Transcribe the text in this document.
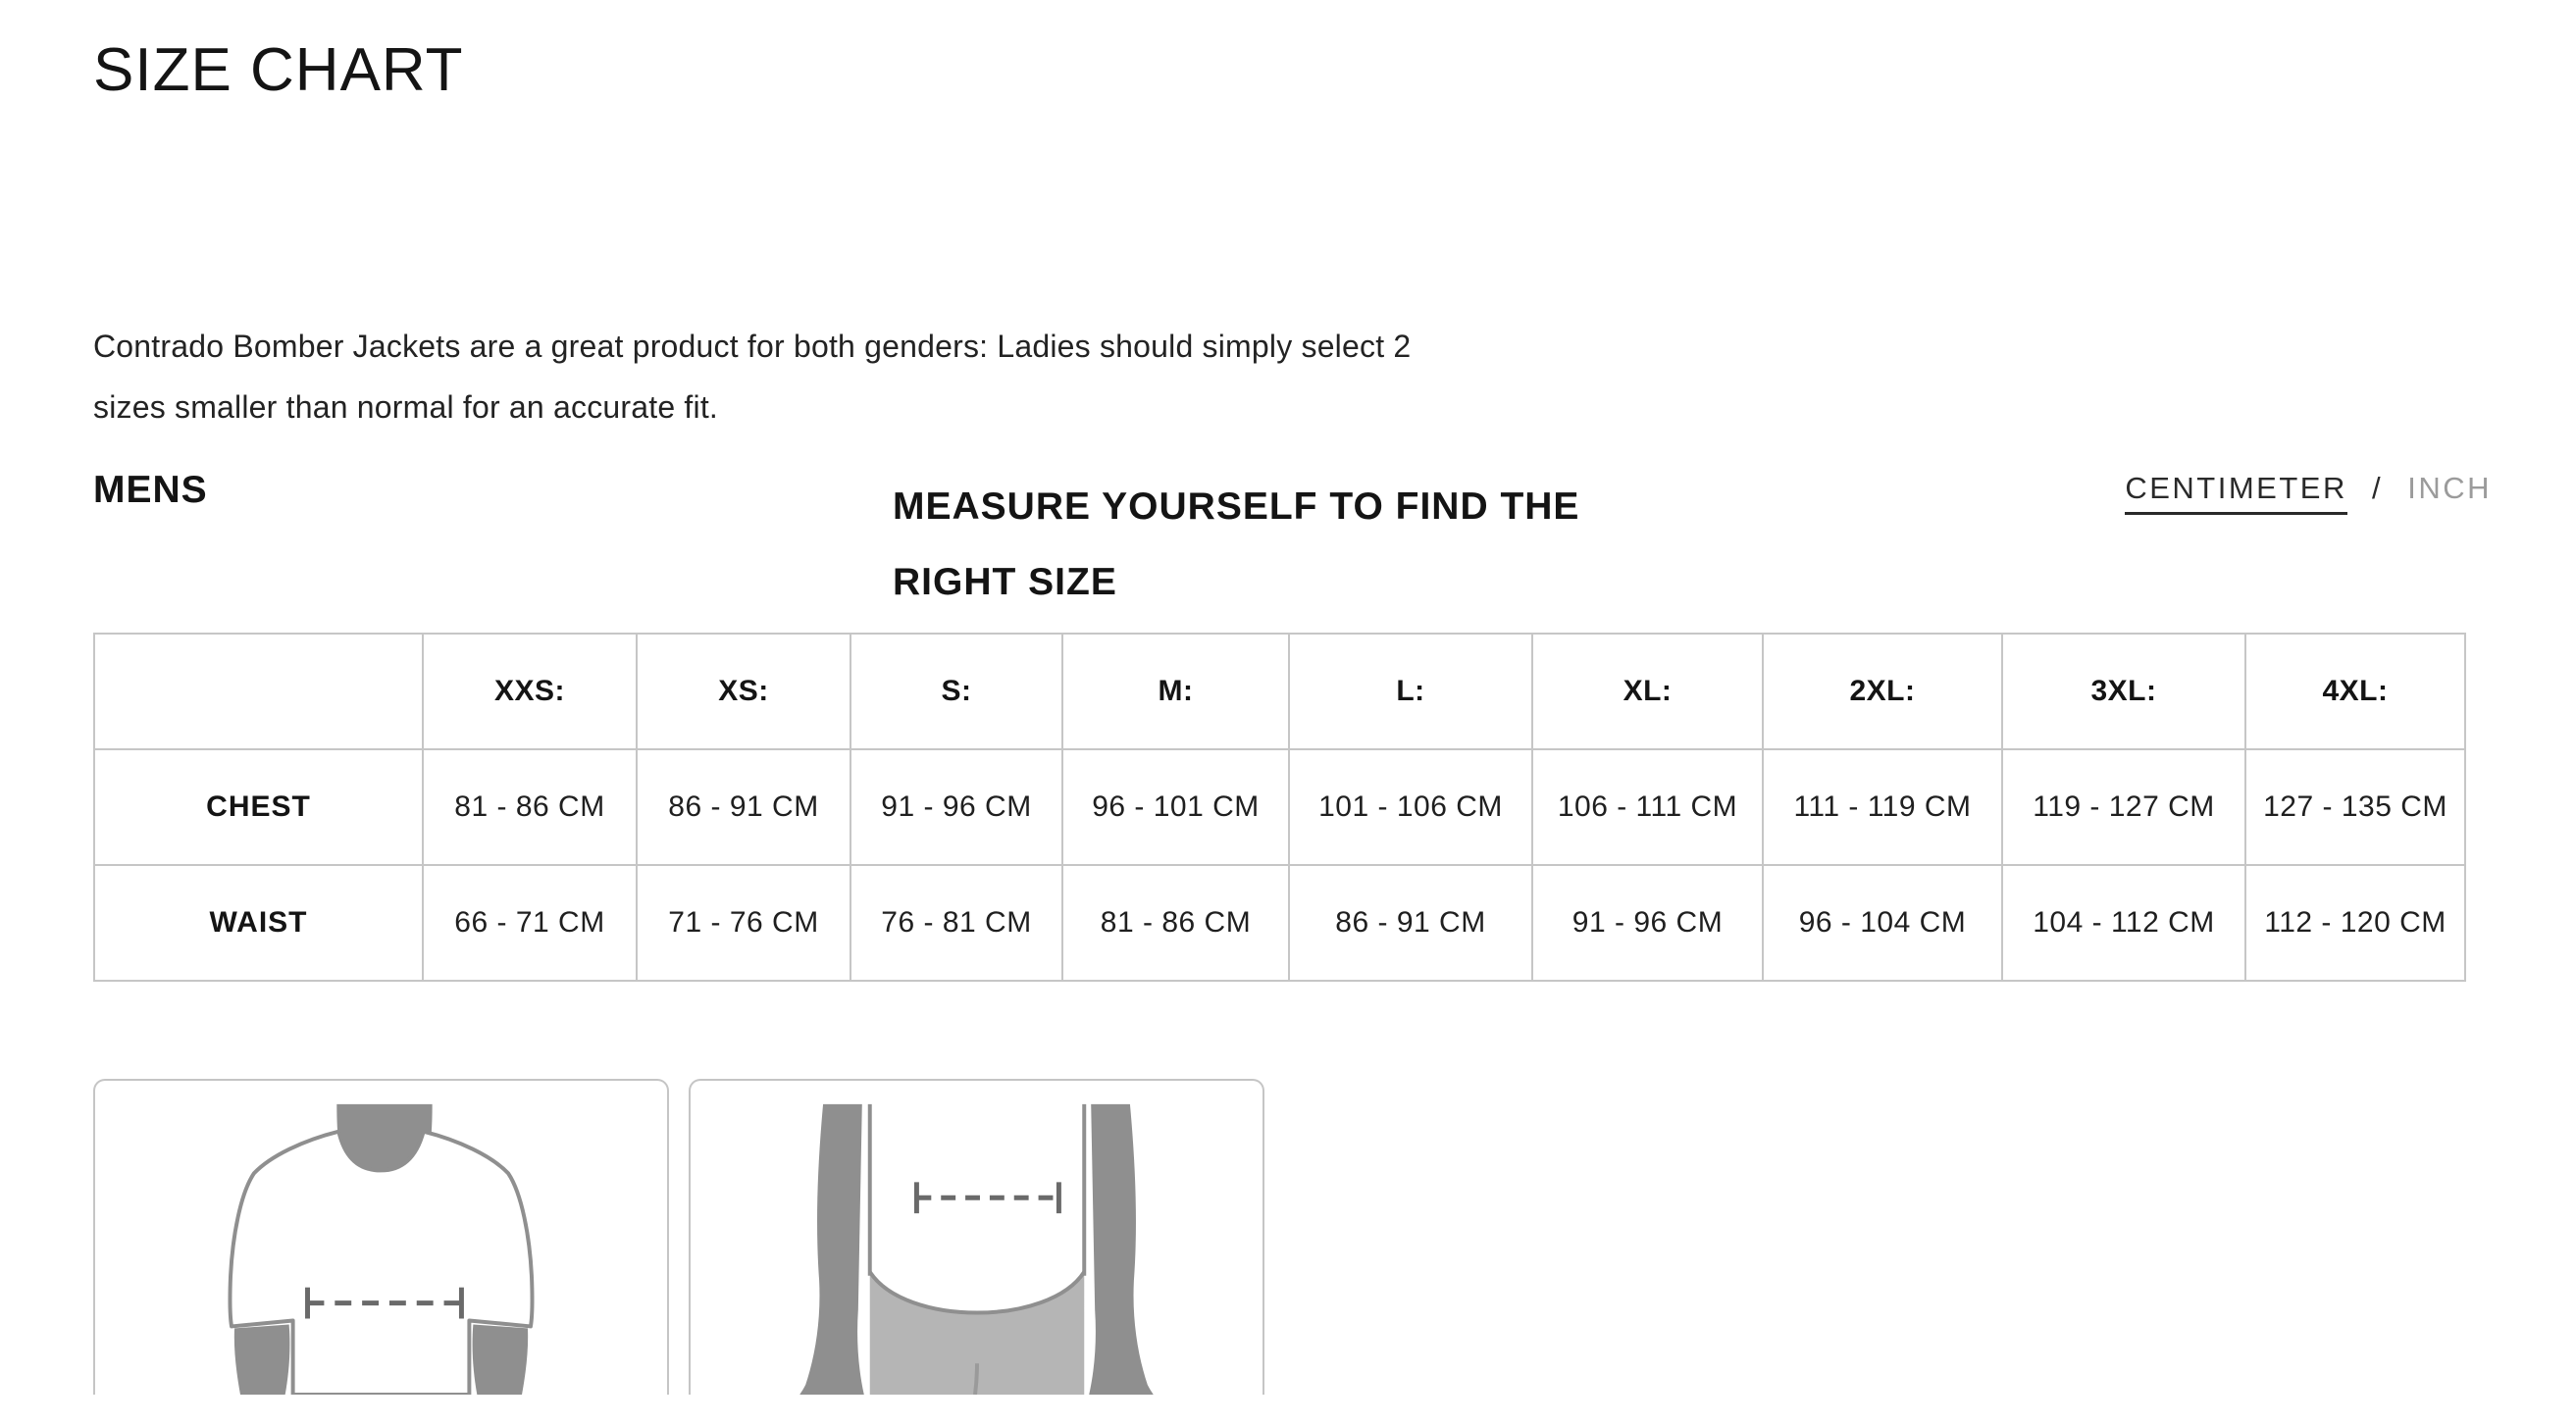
SIZE CHART
Contrado Bomber Jackets are a great product for both genders: Ladies should simply select 2
sizes smaller than normal for an accurate fit.
MENS	MEASURE YOURSELF TO FIND THE
RIGHT SIZE
CENTIMETER / INCH
	XXS:	XS:	S:	M:	L:	XL:	2XL:	3XL:	4XL:
CHEST	81 - 86 CM	86 - 91 CM	91 - 96 CM	96 - 101 CM	101 - 106 CM	106 - 111 CM	111 - 119 CM	119 - 127 CM	127 - 135 CM
WAIST	66 - 71 CM	71 - 76 CM	76 - 81 CM	81 - 86 CM	86 - 91 CM	91 - 96 CM	96 - 104 CM	104 - 112 CM	112 - 120 CM
